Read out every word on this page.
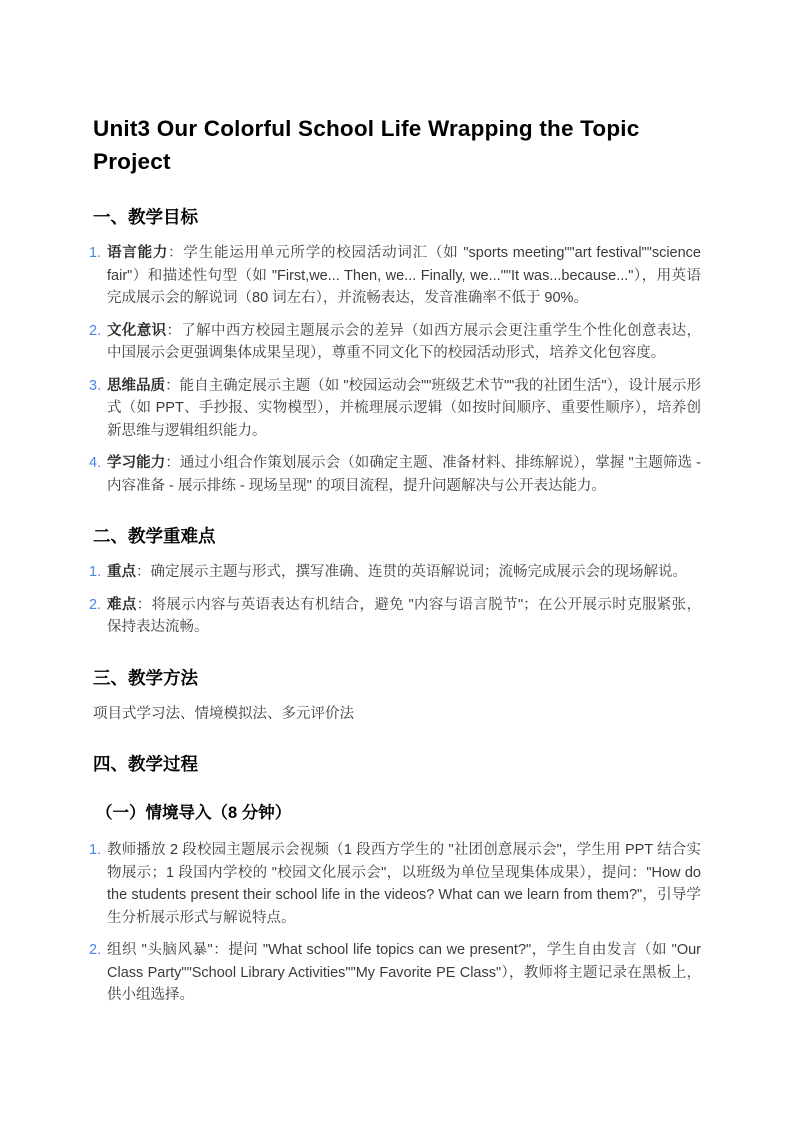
Unit3 Our Colorful School Life Wrapping the Topic Project
一、教学目标
1. 语言能力：学生能运用单元所学的校园活动词汇（如 "sports meeting""art festival""science fair"）和描述性句型（如 "First,we... Then, we... Finally, we...""It was...because..."），用英语完成展示会的解说词（80 词左右），并流畅表达，发音准确率不低于 90%。
2. 文化意识：了解中西方校园主题展示会的差异（如西方展示会更注重学生个性化创意表达，中国展示会更强调集体成果呈现），尊重不同文化下的校园活动形式，培养文化包容度。
3. 思维品质：能自主确定展示主题（如 "校园运动会""班级艺术节""我的社团生活"），设计展示形式（如 PPT、手抄报、实物模型），并梳理展示逻辑（如按时间顺序、重要性顺序），培养创新思维与逻辑组织能力。
4. 学习能力：通过小组合作策划展示会（如确定主题、准备材料、排练解说），掌握 "主题筛选 - 内容准备 - 展示排练 - 现场呈现" 的项目流程，提升问题解决与公开表达能力。
二、教学重难点
1. 重点：确定展示主题与形式，撰写准确、连贯的英语解说词；流畅完成展示会的现场解说。
2. 难点：将展示内容与英语表达有机结合，避免 "内容与语言脱节"；在公开展示时克服紧张，保持表达流畅。
三、教学方法

项目式学习法、情境模拟法、多元评价法

四、教学过程
（一）情境导入（8 分钟）
1. 教师播放 2 段校园主题展示会视频（1 段西方学生的 "社团创意展示会"，学生用 PPT 结合实物展示；1 段国内学校的 "校园文化展示会"，以班级为单位呈现集体成果），提问："How do the students present their school life in the videos? What can we learn from them?"，引导学生分析展示形式与解说特点。
2. 组织 "头脑风暴"：提问 "What school life topics can we present?"，学生自由发言（如 "Our Class Party""School Library Activities""My Favorite PE Class"），教师将主题记录在黑板上，供小组选择。
